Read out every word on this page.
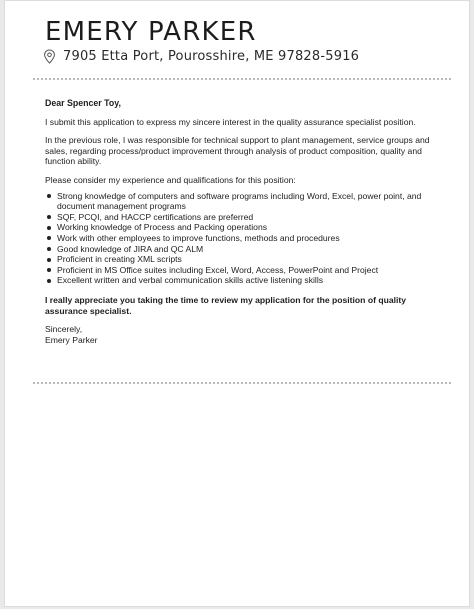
EMERY PARKER
7905 Etta Port, Pourosshire, ME 97828-5916

Dear Spencer Toy,

I submit this application to express my sincere interest in the quality assurance specialist position.

In the previous role, I was responsible for technical support to plant management, service groups and sales, regarding process/product improvement through analysis of product composition, quality and function ability.

Please consider my experience and qualifications for this position:

Strong knowledge of computers and software programs including Word, Excel, power point, and document management programs
SQF, PCQI, and HACCP certifications are preferred
Working knowledge of Process and Packing operations
Work with other employees to improve functions, methods and procedures
Good knowledge of JIRA and QC ALM
Proficient in creating XML scripts
Proficient in MS Office suites including Excel, Word, Access, PowerPoint and Project
Excellent written and verbal communication skills active listening skills

I really appreciate you taking the time to review my application for the position of quality assurance specialist.

Sincerely,

Emery Parker
